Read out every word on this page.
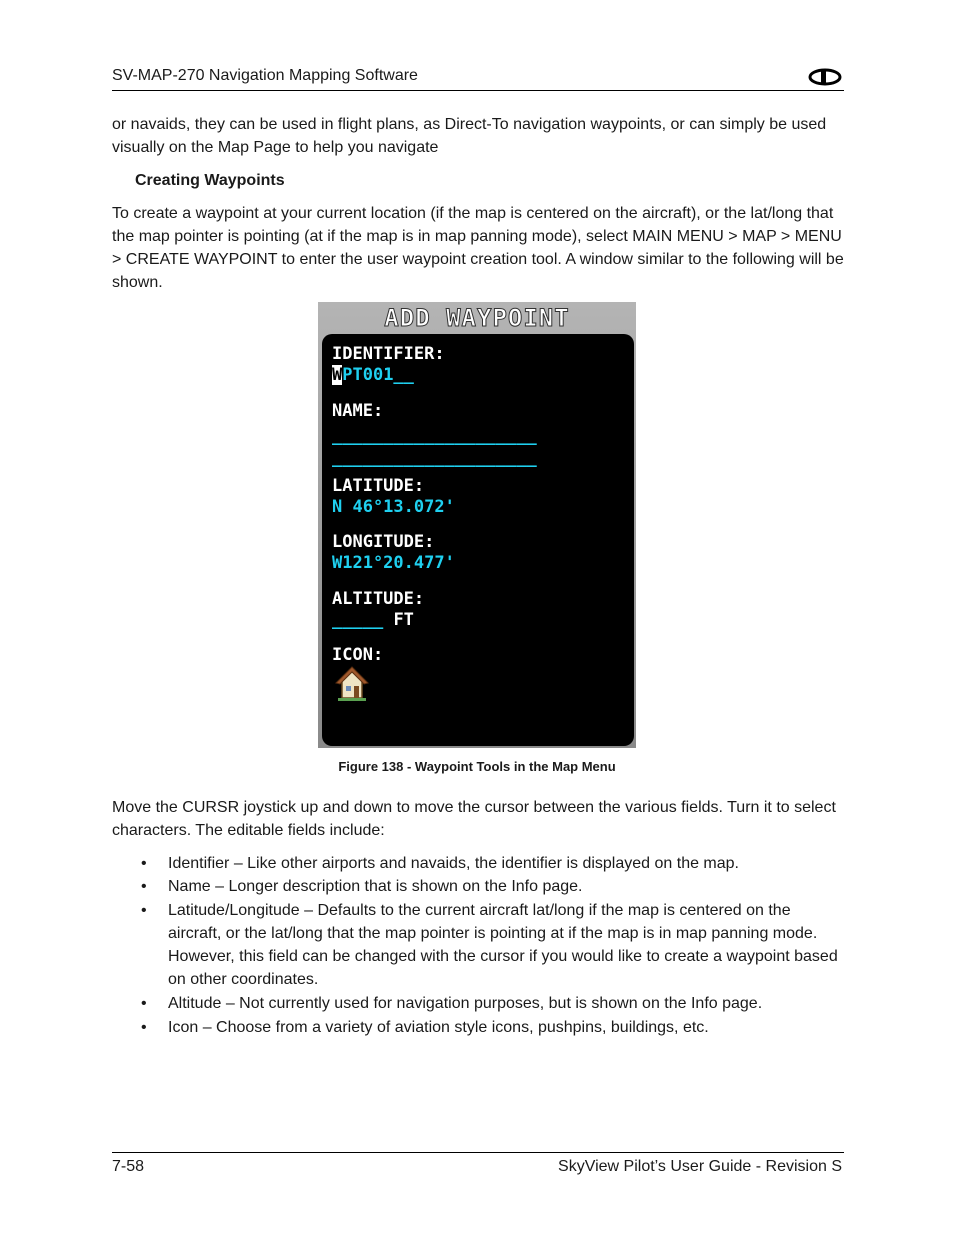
SV-MAP-270 Navigation Mapping Software

or navaids, they can be used in flight plans, as Direct-To navigation waypoints, or can simply be used visually on the Map Page to help you navigate

Creating Waypoints

To create a waypoint at your current location (if the map is centered on the aircraft), or the lat/long that the map pointer is pointing (at if the map is in map panning mode), select MAIN MENU > MAP > MENU > CREATE WAYPOINT to enter the user waypoint creation tool. A window similar to the following will be shown.

ADD WAYPOINT
IDENTIFIER:
WPT001__
NAME:
____________________
____________________
LATITUDE:
N 46°13.072'
LONGITUDE:
W121°20.477'
ALTITUDE:
_____ FT
ICON:
Figure 138 - Waypoint Tools in the Map Menu

Move the CURSR joystick up and down to move the cursor between the various fields. Turn it to select characters. The editable fields include:

• Identifier – Like other airports and navaids, the identifier is displayed on the map.
• Name – Longer description that is shown on the Info page.
• Latitude/Longitude – Defaults to the current aircraft lat/long if the map is centered on the aircraft, or the lat/long that the map pointer is pointing at if the map is in map panning mode. However, this field can be changed with the cursor if you would like to create a waypoint based on other coordinates.
• Altitude – Not currently used for navigation purposes, but is shown on the Info page.
• Icon – Choose from a variety of aviation style icons, pushpins, buildings, etc.
7-58	SkyView Pilot’s User Guide - Revision S
